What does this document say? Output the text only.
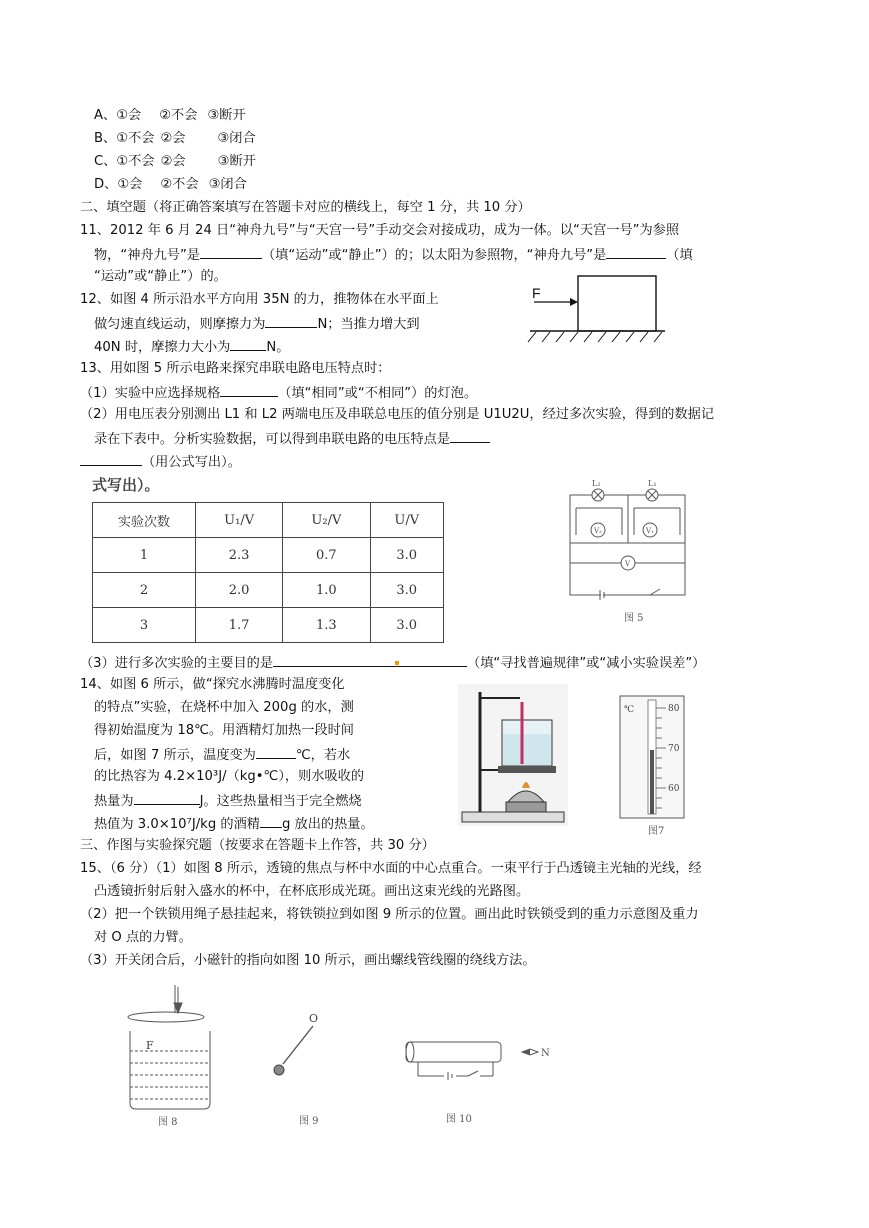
A、①会 ②不会 ③断开
B、①不会 ②会 ③闭合
C、①不会 ②会 ③断开
D、①会 ②不会 ③闭合
二、填空题（将正确答案填写在答题卡对应的横线上，每空 1 分，共 10 分）
11、2012 年 6 月 24 日“神舟九号”与“天宫一号”手动交会对接成功，成为一体。以“天宫一号”为参照
物，“神舟九号”是	（填“运动”或“静止”）的；以太阳为参照物，“神舟九号”是	（填
“运动”或“静止”）的。
12、如图 4 所示沿水平方向用 35N 的力，推物体在水平面上
做匀速直线运动，则摩擦力为	N；当推力增大到
40N 时，摩擦力大小为	N。
F
13、用如图 5 所示电路来探究串联电路电压特点时：
（1）实验中应选择规格	（填“相同”或“不相同”）的灯泡。
（2）用电压表分别测出 L1 和 L2 两端电压及串联总电压的值分别是 U1U2U，经过多次实验，得到的数据记
录在下表中。分析实验数据，可以得到串联电路的电压特点是
（用公式写出）。
式写出）。
实验次数	U₁/V	U₂/V	U/V
1	2.3	0.7	3.0
2	2.0	1.0	3.0
3	1.7	1.3	3.0
L₂	L₁
V₂	V₁
V
图 5
（3）进行多次实验的主要目的是	（填“寻找普遍规律”或“减小实验误差”）
14、如图 6 所示，做“探究水沸腾时温度变化
的特点”实验，在烧杯中加入 200g 的水，测
得初始温度为 18℃。用酒精灯加热一段时间
后，如图 7 所示，温度变为	℃，若水
的比热容为 4.2×10³J/（kg•℃），则水吸收的
热量为	J。这些热量相当于完全燃烧
热值为 3.0×10⁷J/kg 的酒精 g 放出的热量。
℃	80
70
60
图7
三、作图与实验探究题（按要求在答题卡上作答，共 30 分）
15、（6 分）（1）如图 8 所示，透镜的焦点与杯中水面的中心点重合。一束平行于凸透镜主光轴的光线，经
凸透镜折射后射入盛水的杯中，在杯底形成光斑。画出这束光线的光路图。
（2）把一个铁锁用绳子悬挂起来，将铁锁拉到如图 9 所示的位置。画出此时铁锁受到的重力示意图及重力
对 O 点的力臂。
（3）开关闭合后，小磁针的指向如图 10 所示，画出螺线管线圈的绕线方法。
F
图 8
O
图 9
N
图 10
